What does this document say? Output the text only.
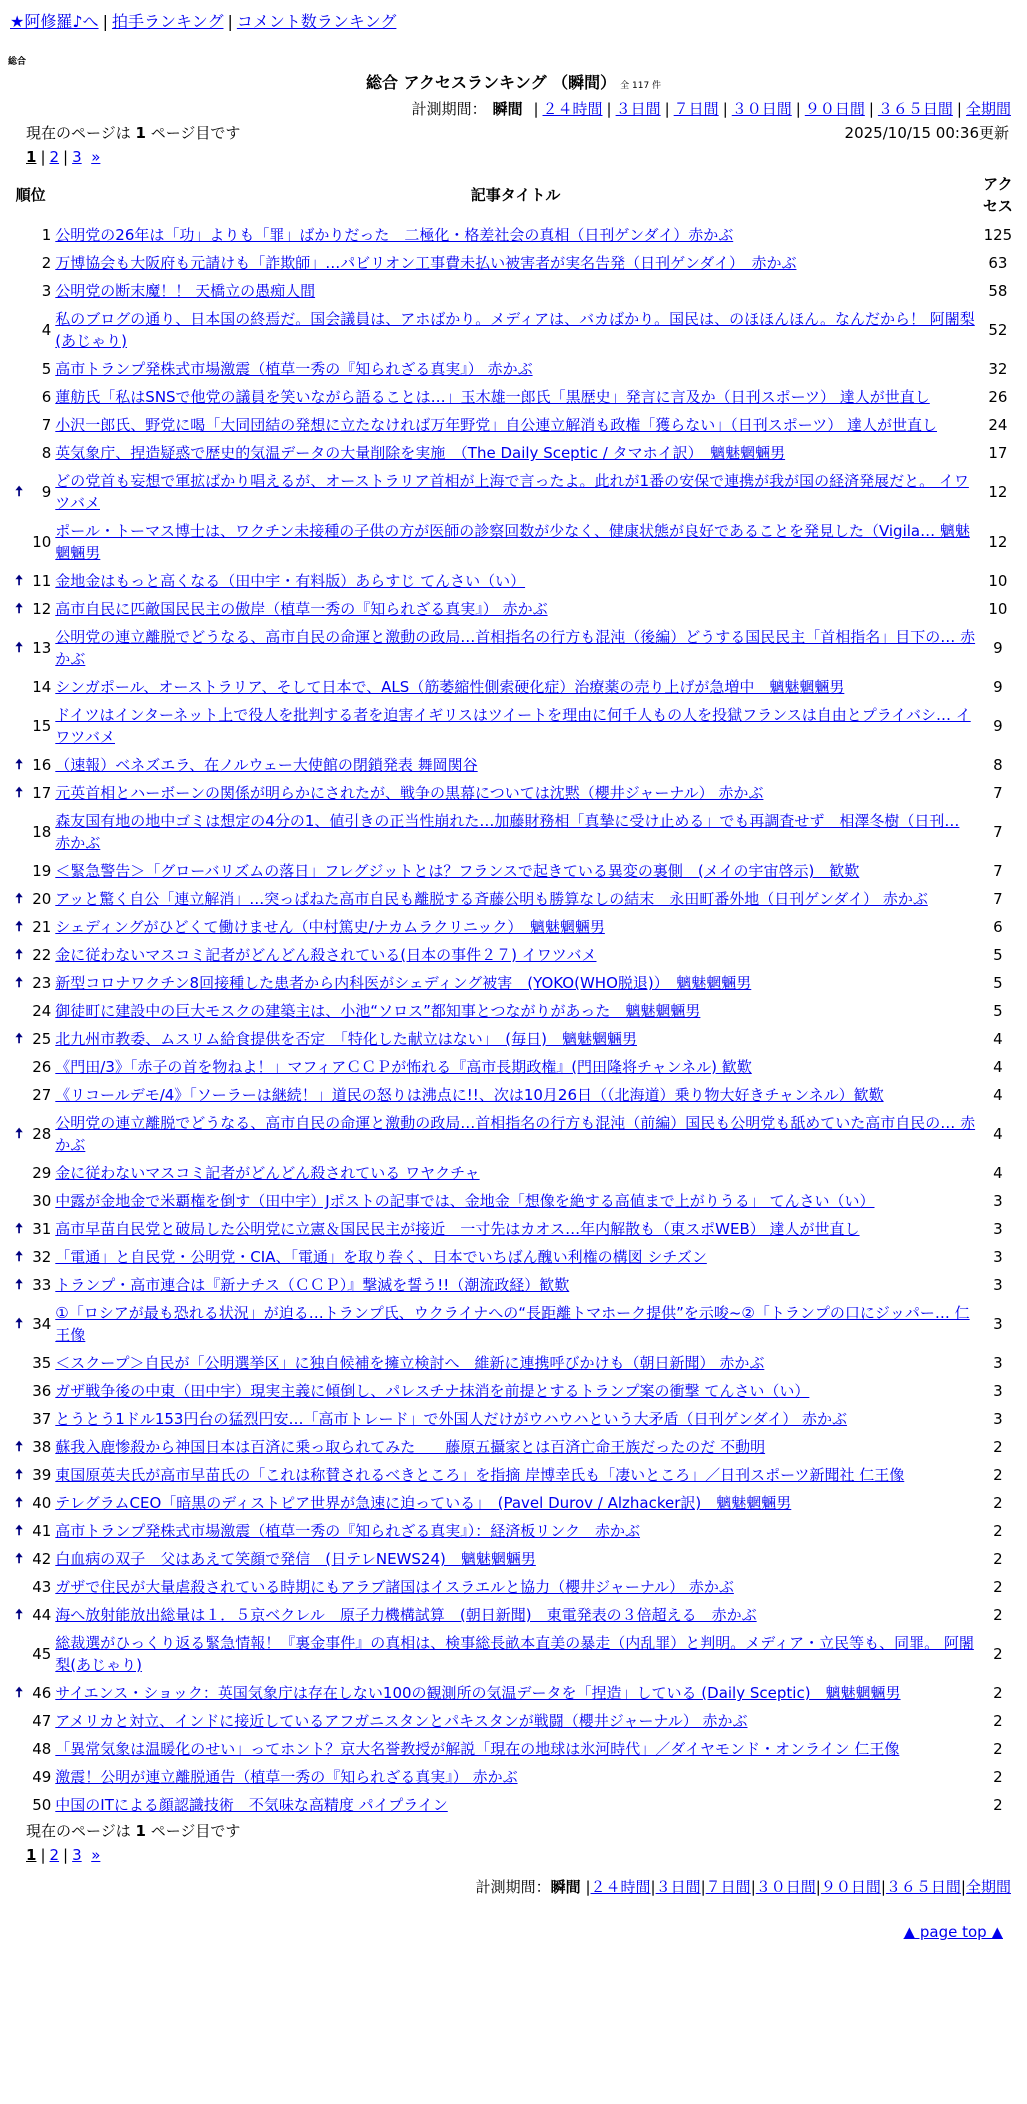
★阿修羅♪へ | 拍手ランキング | コメント数ランキング
総合
総合 アクセスランキング （瞬間） 全 117 件
計測期間： 瞬間 | ２４時間 | ３日間 | ７日間 | ３０日間 | ９０日間 | ３６５日間 | 全期間
現在のページは 1 ページ目です	2025/10/15 00:36更新
1 | 2 | 3 »
順位		記事タイトル	アクセス
	1	公明党の26年は「功」よりも「罪」ばかりだった　二極化・格差社会の真相（日刊ゲンダイ）赤かぶ	125
	2	万博協会も大阪府も元請けも「詐欺師」…パビリオン工事費未払い被害者が実名告発（日刊ゲンダイ）　赤かぶ	63
	3	公明党の断末魔！！ 天橋立の愚痴人間	58
	4	私のブログの通り、日本国の終焉だ。国会議員は、アホばかり。メディアは、バカばかり。国民は、のほほんほん。なんだから！ 阿闍梨(あじゃり)	52
	5	高市トランプ発株式市場激震（植草一秀の『知られざる真実』） 赤かぶ	32
	6	蓮舫氏「私はSNSで他党の議員を笑いながら語ることは…」玉木雄一郎氏「黒歴史」発言に言及か（日刊スポーツ） 達人が世直し	26
	7	小沢一郎氏、野党に喝「大同団結の発想に立たなければ万年野党」自公連立解消も政権「獲らない」（日刊スポーツ） 達人が世直し	24
	8	英気象庁、捏造疑惑で歴史的気温データの大量削除を実施　（The Daily Sceptic / タマホイ訳）　魑魅魍魎男	17
🠅	9	どの党首も妄想で軍拡ばかり唱えるが、オーストラリア首相が上海で言ったよ。此れが1番の安保で連携が我が国の経済発展だと。 イワツバメ	12
	10	ポール・トーマス博士は、ワクチン未接種の子供の方が医師の診察回数が少なく、健康状態が良好であることを発見した（Vigila… 魑魅魍魎男	12
🠅	11	金地金はもっと高くなる（田中宇・有料版）あらすじ てんさい（い）	10
🠅	12	高市自民に匹敵国民民主の傲岸（植草一秀の『知られざる真実』） 赤かぶ	10
🠅	13	公明党の連立離脱でどうなる、高市自民の命運と激動の政局…首相指名の行方も混沌（後編）どうする国民民主「首相指名」目下の… 赤かぶ	9
	14	シンガポール、オーストラリア、そして日本で、ALS（筋萎縮性側索硬化症）治療薬の売り上げが急増中　魑魅魍魎男	9
	15	ドイツはインターネット上で役人を批判する者を迫害イギリスはツイートを理由に何千人もの人を投獄フランスは自由とプライバシ… イワツバメ	9
🠅	16	（速報）ベネズエラ、在ノルウェー大使館の閉鎖発表 舞岡関谷	8
🠅	17	元英首相とハーボーンの関係が明らかにされたが、戦争の黒幕については沈黙（櫻井ジャーナル） 赤かぶ	7
	18	森友国有地の地中ゴミは想定の4分の1、値引きの正当性崩れた…加藤財務相「真摯に受け止める」でも再調査せず　相澤冬樹（日刊… 赤かぶ	7
	19	＜緊急警告＞「グローバリズムの落日」フレグジットとは？フランスで起きている異変の裏側　(メイの宇宙啓示)　歓歎	7
🠅	20	アッと驚く自公「連立解消」…突っぱねた高市自民も離脱する斉藤公明も勝算なしの結末　永田町番外地（日刊ゲンダイ） 赤かぶ	7
🠅	21	シェディングがひどくて働けません（中村篤史/ナカムラクリニック）　魑魅魍魎男	6
🠅	22	金に従わないマスコミ記者がどんどん殺されている(日本の事件２７) イワツバメ	5
🠅	23	新型コロナワクチン8回接種した患者から内科医がシェディング被害　(YOKO(WHO脱退)）　魑魅魍魎男	5
	24	御徒町に建設中の巨大モスクの建築主は、小池“ソロス”都知事とつながりがあった　魑魅魍魎男	5
🠅	25	北九州市教委、ムスリム給食提供を否定　「特化した献立はない」　(毎日)　魑魅魍魎男	4
	26	《門田/3》「赤子の首を物ねよ！」マフィアＣＣＰが怖れる『高市長期政権』(門田隆将チャンネル) 歓歎	4
	27	《リコールデモ/4》「ソーラーは継続！」道民の怒りは沸点に!!、次は10月26日（（北海道）乗り物大好きチャンネル）歓歎	4
🠅	28	公明党の連立離脱でどうなる、高市自民の命運と激動の政局…首相指名の行方も混沌（前編）国民も公明党も舐めていた高市自民の… 赤かぶ	4
	29	金に従わないマスコミ記者がどんどん殺されている ワヤクチャ	4
	30	中露が金地金で米覇権を倒す（田中宇）Jポストの記事では、金地金「想像を絶する高値まで上がりうる」 てんさい（い）	3
🠅	31	高市早苗自民党と破局した公明党に立憲＆国民民主が接近　一寸先はカオス…年内解散も（東スポWEB） 達人が世直し	3
🠅	32	「電通」と自民党・公明党・CIA、「電通」を取り巻く、日本でいちばん醜い利権の構図 シチズン	3
🠅	33	トランプ・高市連合は『新ナチス（ＣＣＰ）』撃滅を誓う!!（潮流政経）歓歎	3
🠅	34	①「ロシアが最も恐れる状況」が迫る…トランプ氏、ウクライナへの“長距離トマホーク提供”を示唆~②「トランプの口にジッパー… 仁王像	3
	35	＜スクープ＞自民が「公明選挙区」に独自候補を擁立検討へ　維新に連携呼びかけも（朝日新聞） 赤かぶ	3
	36	ガザ戦争後の中東（田中宇）現実主義に傾倒し、パレスチナ抹消を前提とするトランプ案の衝撃 てんさい（い）	3
	37	とうとう1ドル153円台の猛烈円安…「高市トレード」で外国人だけがウハウハという大矛盾（日刊ゲンダイ） 赤かぶ	3
🠅	38	蘇我入鹿惨殺から神国日本は百済に乗っ取られてみた　　藤原五攝家とは百済亡命王族だったのだ 不動明	2
🠅	39	東国原英夫氏が高市早苗氏の「これは称賛されるべきところ」を指摘 岸博幸氏も「凄いところ」／日刊スポーツ新聞社 仁王像	2
🠅	40	テレグラムCEO「暗黒のディストピア世界が急速に迫っている」　(Pavel Durov / Alzhacker訳)　魑魅魍魎男	2
🠅	41	高市トランプ発株式市場激震（植草一秀の『知られざる真実』）：経済板リンク　赤かぶ	2
🠅	42	白血病の双子　父はあえて笑顔で発信　(日テレNEWS24)　魑魅魍魎男	2
	43	ガザで住民が大量虐殺されている時期にもアラブ諸国はイスラエルと協力（櫻井ジャーナル） 赤かぶ	2
🠅	44	海へ放射能放出総量は１．５京ベクレル　原子力機構試算　(朝日新聞)　東電発表の３倍超える　赤かぶ	2
	45	総裁選がひっくり返る緊急情報！『裏金事件』の真相は、検事総長畝本直美の暴走（内乱罪）と判明。メディア・立民等も、同罪。 阿闍梨(あじゃり)	2
🠅	46	サイエンス・ショック：英国気象庁は存在しない100の観測所の気温データを「捏造」している (Daily Sceptic)　魑魅魍魎男	2
	47	アメリカと対立、インドに接近しているアフガニスタンとパキスタンが戦闘（櫻井ジャーナル） 赤かぶ	2
	48	「異常気象は温暖化のせい」ってホント？京大名誉教授が解説「現在の地球は氷河時代」／ダイヤモンド・オンライン 仁王像	2
	49	激震！公明が連立離脱通告（植草一秀の『知られざる真実』） 赤かぶ	2
	50	中国のITによる顔認識技術　不気味な高精度 パイプライン	2
現在のページは 1 ページ目です
1 | 2 | 3 »
計測期間：瞬間 |２４時間|３日間|７日間|３０日間|９０日間|３６５日間|全期間
▲ page top ▲
